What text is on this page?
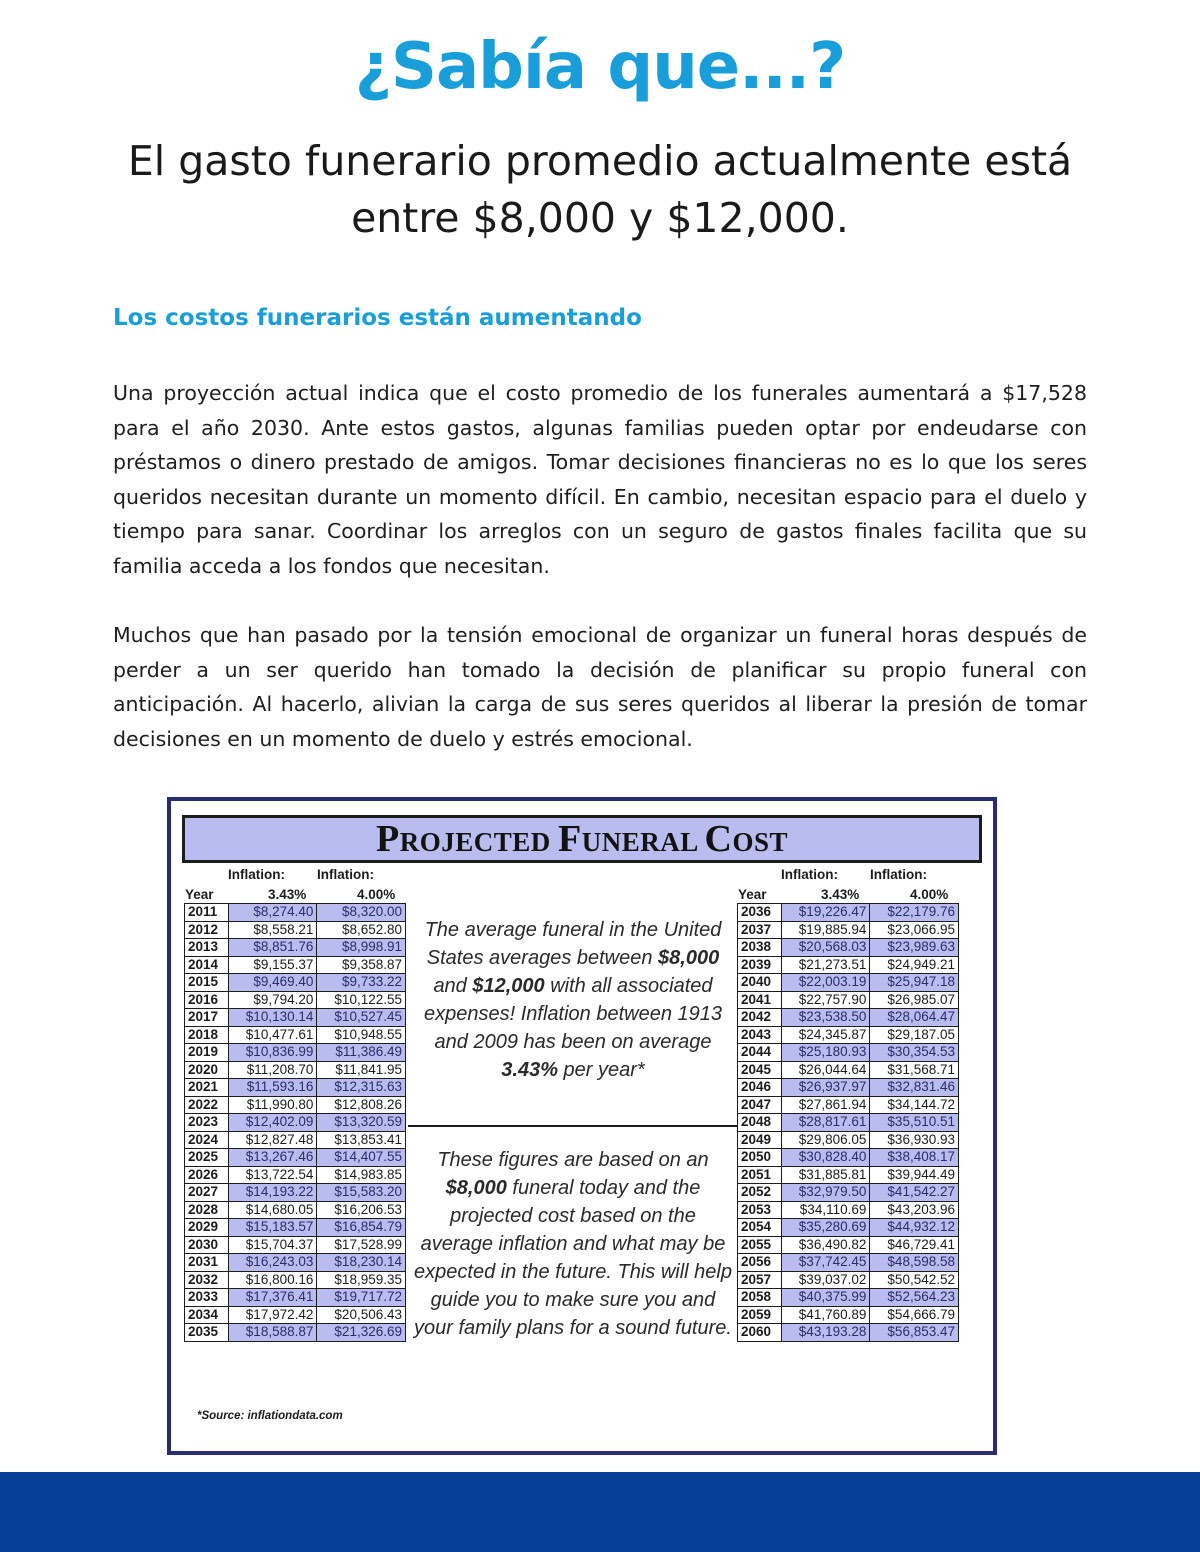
¿Sabía que...?

El gasto funerario promedio actualmente está entre $8,000 y $12,000.

Los costos funerarios están aumentando

Una proyección actual indica que el costo promedio de los funerales aumentará a $17,528 para el año 2030. Ante estos gastos, algunas familias pueden optar por endeudarse con préstamos o dinero prestado de amigos. Tomar decisiones financieras no es lo que los seres queridos necesitan durante un momento difícil. En cambio, necesitan espacio para el duelo y tiempo para sanar. Coordinar los arreglos con un seguro de gastos finales facilita que su familia acceda a los fondos que necesitan.

Muchos que han pasado por la tensión emocional de organizar un funeral horas después de perder a un ser querido han tomado la decisión de planificar su propio funeral con anticipación. Al hacerlo, alivian la carga de sus seres queridos al liberar la presión de tomar decisiones en un momento de duelo y estrés emocional.

PROJECTED FUNERAL COST
Inflation: Inflation:
Year	3.43%	4.00%
2011	$8,274.40	$8,320.00
2012	$8,558.21	$8,652.80
2013	$8,851.76	$8,998.91
2014	$9,155.37	$9,358.87
2015	$9,469.40	$9,733.22
2016	$9,794.20	$10,122.55
2017	$10,130.14	$10,527.45
2018	$10,477.61	$10,948.55
2019	$10,836.99	$11,386.49
2020	$11,208.70	$11,841.95
2021	$11,593.16	$12,315.63
2022	$11,990.80	$12,808.26
2023	$12,402.09	$13,320.59
2024	$12,827.48	$13,853.41
2025	$13,267.46	$14,407.55
2026	$13,722.54	$14,983.85
2027	$14,193.22	$15,583.20
2028	$14,680.05	$16,206.53
2029	$15,183.57	$16,854.79
2030	$15,704.37	$17,528.99
2031	$16,243.03	$18,230.14
2032	$16,800.16	$18,959.35
2033	$17,376.41	$19,717.72
2034	$17,972.42	$20,506.43
2035	$18,588.87	$21,326.69

The average funeral in the United States averages between $8,000 and $12,000 with all associated expenses! Inflation between 1913 and 2009 has been on average 3.43% per year*

These figures are based on an $8,000 funeral today and the projected cost based on the average inflation and what may be expected in the future. This will help guide you to make sure you and your family plans for a sound future.

Inflation: Inflation:
Year	3.43%	4.00%
2036	$19,226.47	$22,179.76
2037	$19,885.94	$23,066.95
2038	$20,568.03	$23,989.63
2039	$21,273.51	$24,949.21
2040	$22,003.19	$25,947.18
2041	$22,757.90	$26,985.07
2042	$23,538.50	$28,064.47
2043	$24,345.87	$29,187.05
2044	$25,180.93	$30,354.53
2045	$26,044.64	$31,568.71
2046	$26,937.97	$32,831.46
2047	$27,861.94	$34,144.72
2048	$28,817.61	$35,510.51
2049	$29,806.05	$36,930.93
2050	$30,828.40	$38,408.17
2051	$31,885.81	$39,944.49
2052	$32,979.50	$41,542.27
2053	$34,110.69	$43,203.96
2054	$35,280.69	$44,932.12
2055	$36,490.82	$46,729.41
2056	$37,742.45	$48,598.58
2057	$39,037.02	$50,542.52
2058	$40,375.99	$52,564.23
2059	$41,760.89	$54,666.79
2060	$43,193.28	$56,853.47
*Source: inflationdata.com
